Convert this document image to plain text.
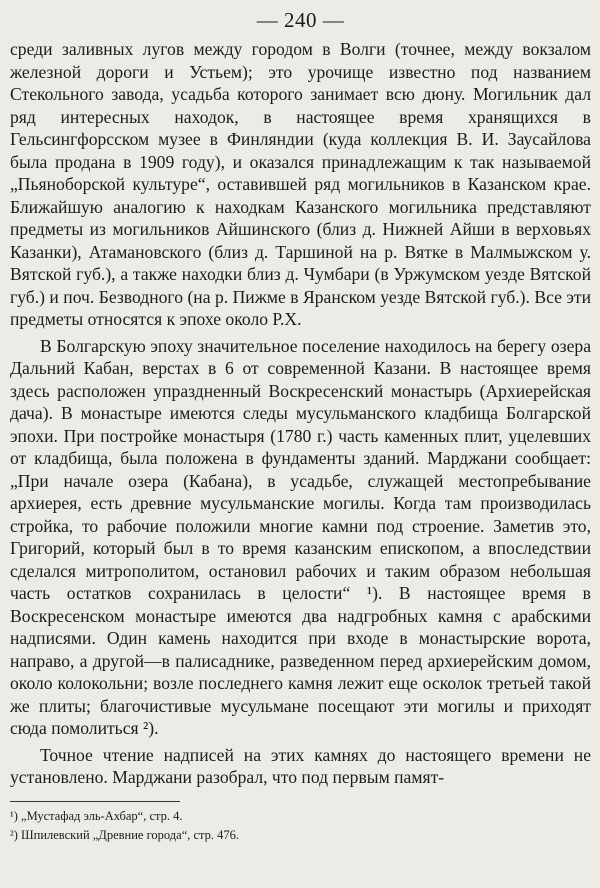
— 240 —

среди заливных лугов между городом в Волги (точнее, между вокзалом железной дороги и Устьем); это урочище известно под названием Стекольного завода, усадьба которого занимает всю дюну. Могильник дал ряд интересных находок, в настоящее время хранящихся в Гельсингфорсском музее в Финляндии (куда коллекция В. И. Заусайлова была продана в 1909 году), и оказался принадлежащим к так называемой „Пьяноборской культуре“, оставившей ряд могильников в Казанском крае. Ближайшую аналогию к находкам Казанского могильника представляют предметы из могильников Айшинского (близ д. Нижней Айши в верховьях Казанки), Атамановского (близ д. Таршиной на р. Вятке в Малмыжском у. Вятской губ.), а также находки близ д. Чумбари (в Уржумском уезде Вятской губ.) и поч. Безводного (на р. Пижме в Яранском уезде Вятской губ.). Все эти предметы относятся к эпохе около Р.Х.

В Болгарскую эпоху значительное поселение находилось на берегу озера Дальний Кабан, верстах в 6 от современной Казани. В настоящее время здесь расположен упраздненный Воскресенский монастырь (Архиерейская дача). В монастыре имеются следы мусульманского кладбища Болгарской эпохи. При постройке монастыря (1780 г.) часть каменных плит, уцелевших от кладбища, была положена в фундаменты зданий. Марджани сообщает: „При начале озера (Кабана), в усадьбе, служащей местопребывание архиерея, есть древние мусульманские могилы. Когда там производилась стройка, то рабочие положили многие камни под строение. Заметив это, Григорий, который был в то время казанским епископом, а впоследствии сделался митрополитом, остановил рабочих и таким образом небольшая часть остатков сохранилась в целости“ ¹). В настоящее время в Воскресенском монастыре имеются два надгробных камня с арабскими надписями. Один камень находится при входе в монастырские ворота, направо, а другой—в палисаднике, разведенном перед архиерейским домом, около колокольни; возле последнего камня лежит еще осколок третьей такой же плиты; благочистивые мусульмане посещают эти могилы и приходят сюда помолиться ²).

Точное чтение надписей на этих камнях до настоящего времени не установлено. Марджани разобрал, что под первым памят-

¹) „Мустафад эль-Ахбар“, стр. 4.

²) Шпилевский „Древние города“, стр. 476.
